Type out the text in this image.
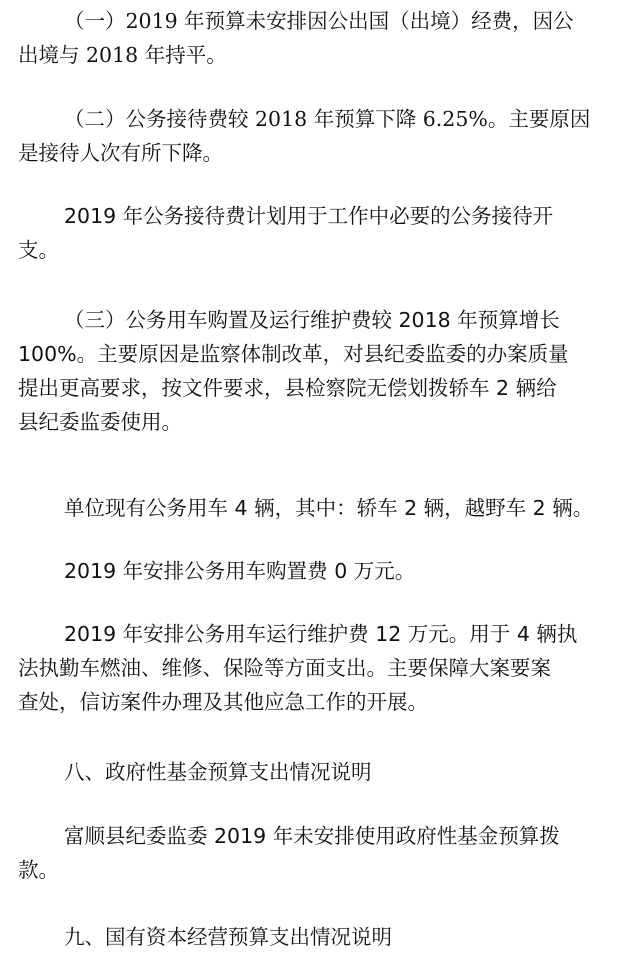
（一）2019 年预算未安排因公出国（出境）经费，因公
出境与 2018 年持平。
（二）公务接待费较 2018 年预算下降 6.25%。主要原因
是接待人次有所下降。
2019 年公务接待费计划用于工作中必要的公务接待开
支。
（三）公务用车购置及运行维护费较 2018 年预算增长
100%。主要原因是监察体制改革，对县纪委监委的办案质量
提出更高要求，按文件要求，县检察院无偿划拨轿车 2 辆给
县纪委监委使用。
单位现有公务用车 4 辆，其中：轿车 2 辆，越野车 2 辆。
2019 年安排公务用车购置费 0 万元。
2019 年安排公务用车运行维护费 12 万元。用于 4 辆执
法执勤车燃油、维修、保险等方面支出。主要保障大案要案
查处，信访案件办理及其他应急工作的开展。
八、政府性基金预算支出情况说明
富顺县纪委监委 2019 年未安排使用政府性基金预算拨
款。
九、国有资本经营预算支出情况说明
